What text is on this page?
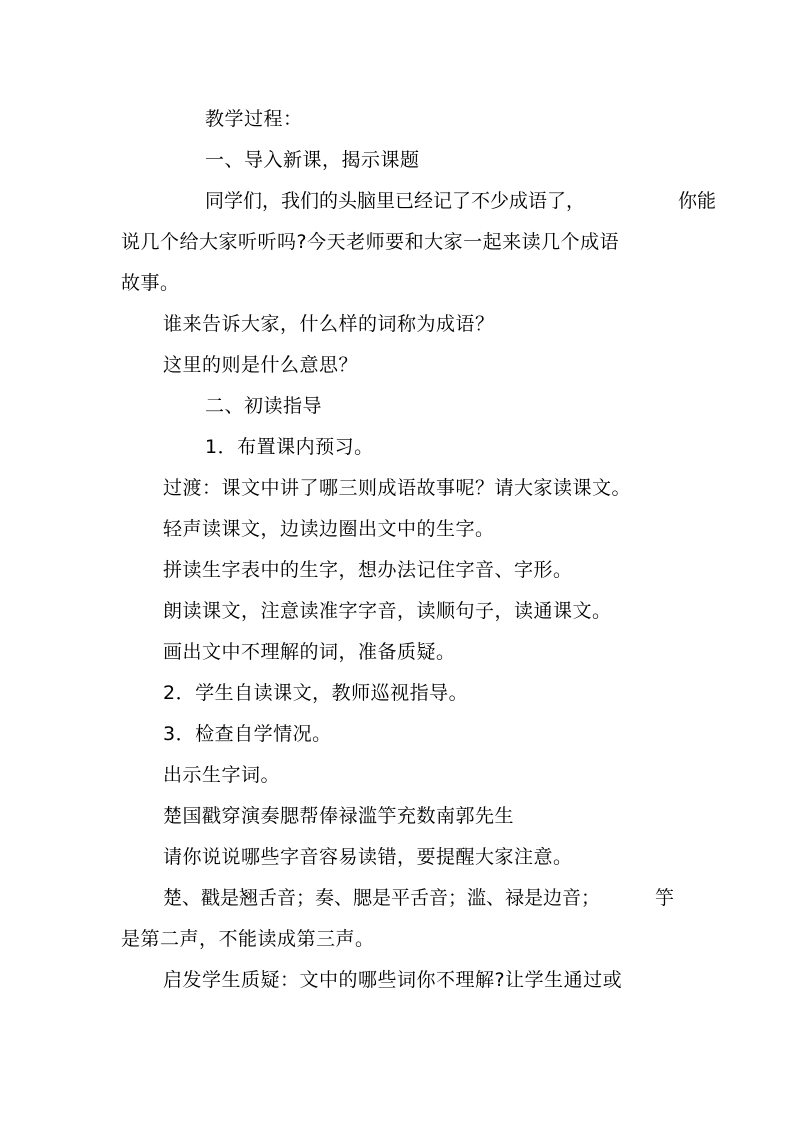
教学过程：
一、导入新课，揭示课题
同学们，我们的头脑里已经记了不少成语了，	你能
说几个给大家听听吗?今天老师要和大家一起来读几个成语
故事。
谁来告诉大家，什么样的词称为成语？
这里的则是什么意思？
二、初读指导
1．布置课内预习。
过渡：课文中讲了哪三则成语故事呢？请大家读课文。
轻声读课文，边读边圈出文中的生字。
拼读生字表中的生字，想办法记住字音、字形。
朗读课文，注意读准字字音，读顺句子，读通课文。
画出文中不理解的词，准备质疑。
2．学生自读课文，教师巡视指导。
3．检查自学情况。
出示生字词。
楚国戳穿演奏腮帮俸禄滥竽充数南郭先生
请你说说哪些字音容易读错，要提醒大家注意。
楚、戳是翘舌音；奏、腮是平舌音；滥、禄是边音；	竽
是第二声，不能读成第三声。
启发学生质疑：文中的哪些词你不理解?让学生通过或
